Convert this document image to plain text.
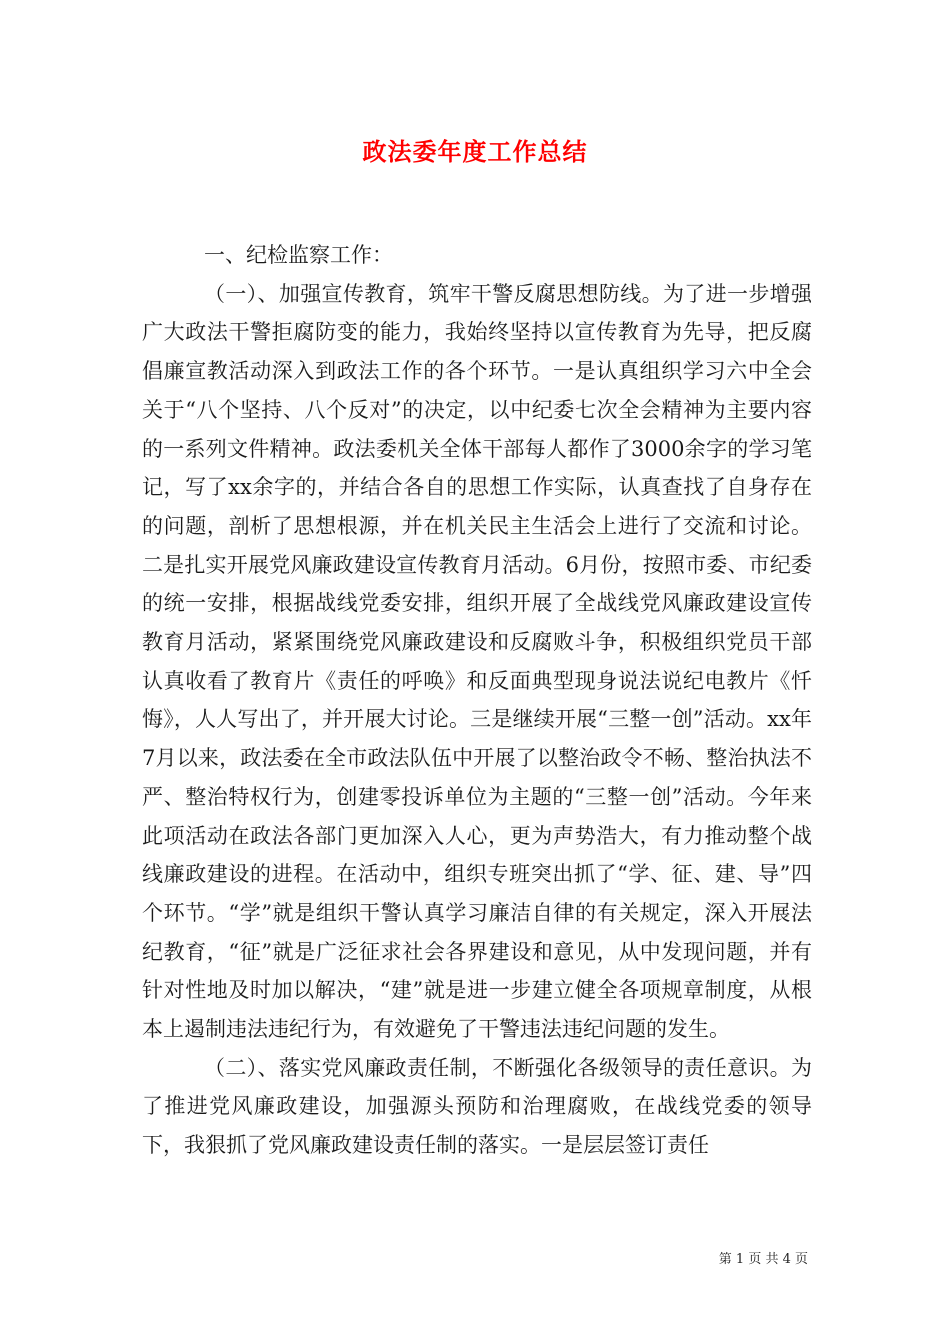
政法委年度工作总结

一、纪检监察工作：

（一）、加强宣传教育，筑牢干警反腐思想防线。为了进一步增强广大政法干警拒腐防变的能力，我始终坚持以宣传教育为先导，把反腐倡廉宣教活动深入到政法工作的各个环节。一是认真组织学习六中全会关于“八个坚持、八个反对”的决定，以中纪委七次全会精神为主要内容的一系列文件精神。政法委机关全体干部每人都作了3000余字的学习笔记，写了xx余字的，并结合各自的思想工作实际，认真查找了自身存在的问题，剖析了思想根源，并在机关民主生活会上进行了交流和讨论。二是扎实开展党风廉政建设宣传教育月活动。6月份，按照市委、市纪委的统一安排，根据战线党委安排，组织开展了全战线党风廉政建设宣传教育月活动，紧紧围绕党风廉政建设和反腐败斗争，积极组织党员干部认真收看了教育片《责任的呼唤》和反面典型现身说法说纪电教片《忏悔》，人人写出了，并开展大讨论。三是继续开展“三整一创”活动。xx年7月以来，政法委在全市政法队伍中开展了以整治政令不畅、整治执法不严、整治特权行为，创建零投诉单位为主题的“三整一创”活动。今年来此项活动在政法各部门更加深入人心，更为声势浩大，有力推动整个战线廉政建设的进程。在活动中，组织专班突出抓了“学、征、建、导”四个环节。“学”就是组织干警认真学习廉洁自律的有关规定，深入开展法纪教育，“征”就是广泛征求社会各界建设和意见，从中发现问题，并有针对性地及时加以解决，“建”就是进一步建立健全各项规章制度，从根本上遏制违法违纪行为，有效避免了干警违法违纪问题的发生。

（二）、落实党风廉政责任制，不断强化各级领导的责任意识。为了推进党风廉政建设，加强源头预防和治理腐败，在战线党委的领导下，我狠抓了党风廉政建设责任制的落实。一是层层签订责任

第 1 页 共 4 页
